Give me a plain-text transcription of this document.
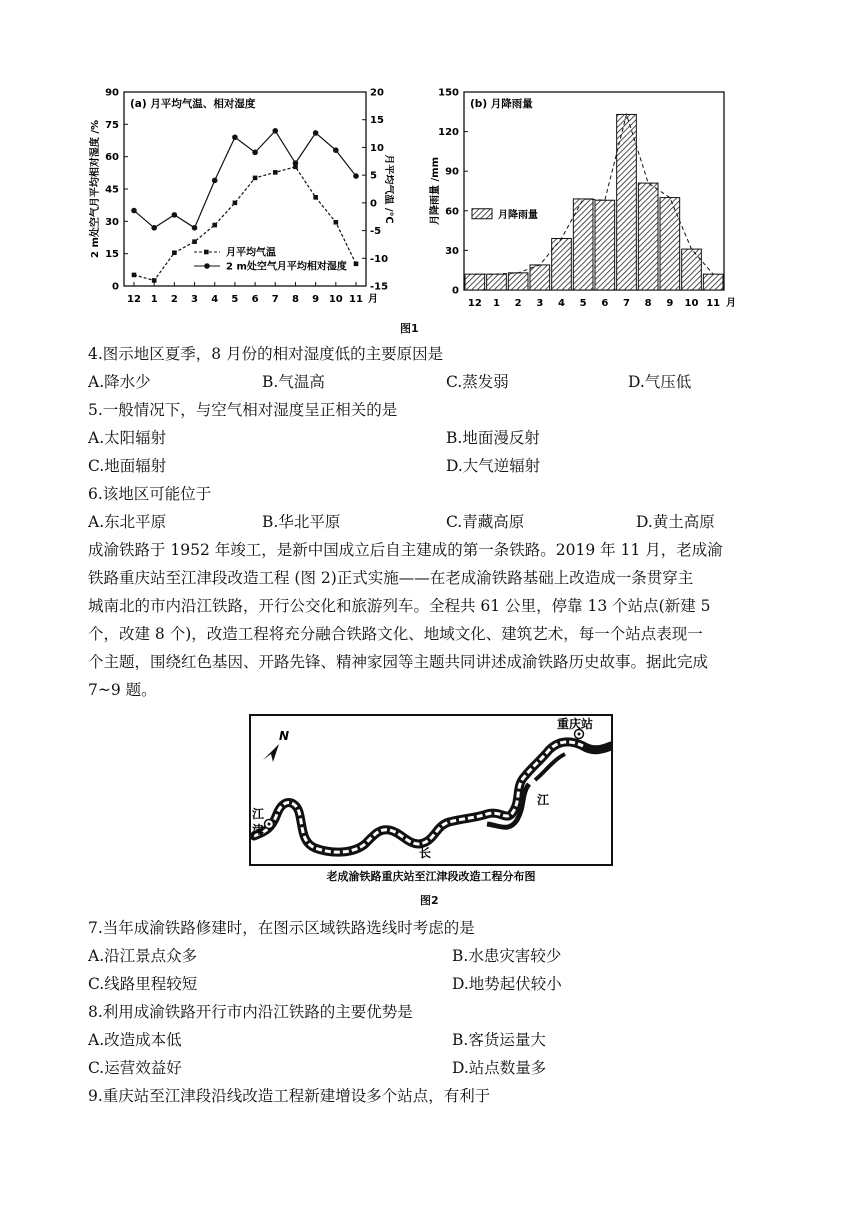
0
15
30
45
60
75
90
-15
-10
-5
0
5
10
15
20
12 1 2 3 4 5 6 7 8 9 10 11 月
(a) 月平均气温、相对湿度
2 m处空气月平均相对湿度 /%	月平均气温 /℃
月平均气温
2 m处空气月平均相对湿度
0
30
60
90
120
150
12 1 2 3 4 5 6 7 8 9 10 11 月
(b) 月降雨量
月降雨量 /mm	月降雨量
图1
4.图示地区夏季，8 月份的相对湿度低的主要原因是
A.降水少	B.气温高	C.蒸发弱	D.气压低
5.一般情况下，与空气相对湿度呈正相关的是
A.太阳辐射	B.地面漫反射
C.地面辐射	D.大气逆辐射
6.该地区可能位于
A.东北平原	B.华北平原	C.青藏高原	D.黄土高原
成渝铁路于 1952 年竣工，是新中国成立后自主建成的第一条铁路。2019 年 11 月，老成渝
铁路重庆站至江津段改造工程 (图 2)正式实施——在老成渝铁路基础上改造成一条贯穿主
城南北的市内沿江铁路，开行公交化和旅游列车。全程共 61 公里，停靠 13 个站点(新建 5
个，改建 8 个)，改造工程将充分融合铁路文化、地域文化、建筑艺术，每一个站点表现一
个主题，围绕红色基因、开路先锋、精神家园等主题共同讲述成渝铁路历史故事。据此完成
7~9 题。
N
重庆站
江
津
长
江
老成渝铁路重庆站至江津段改造工程分布图
图2
7.当年成渝铁路修建时，在图示区域铁路选线时考虑的是
A.沿江景点众多	B.水患灾害较少
C.线路里程较短	D.地势起伏较小
8.利用成渝铁路开行市内沿江铁路的主要优势是
A.改造成本低	B.客货运量大
C.运营效益好	D.站点数量多
9.重庆站至江津段沿线改造工程新建增设多个站点，有利于
